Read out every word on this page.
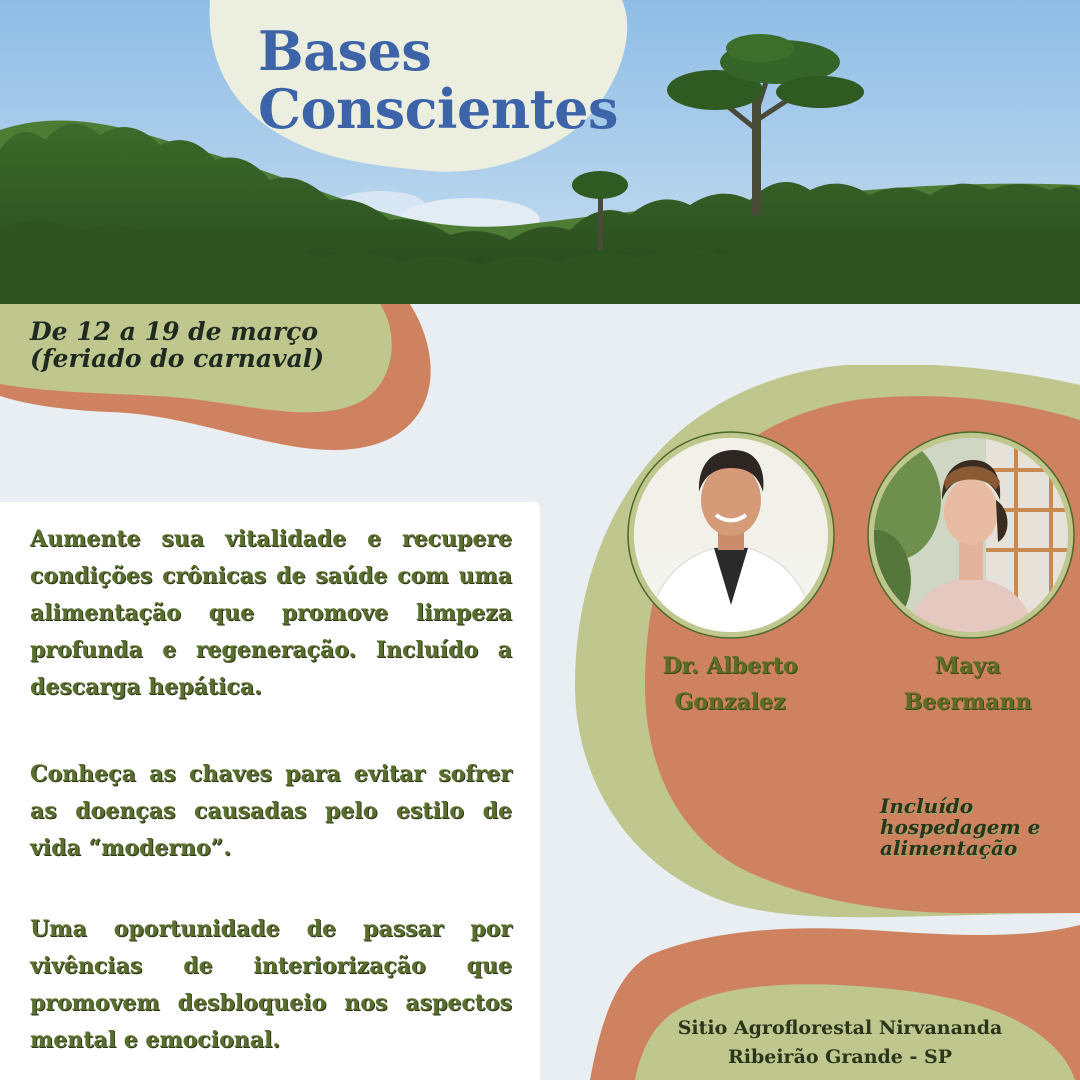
Bases
Conscientes
De 12 a 19 de março
(feriado do carnaval)

Aumente sua vitalidade e recupere condições crônicas de saúde com uma alimentação que promove limpeza profunda e regeneração. Incluído a descarga hepática.

Conheça as chaves para evitar sofrer as doenças causadas pelo estilo de vida “moderno”.

Uma oportunidade de passar por vivências de interiorização que promovem desbloqueio nos aspectos mental e emocional.

Dr. Alberto
Gonzalez
Maya
Beermann
Incluído
hospedagem e
alimentação
Sitio Agroflorestal Nirvananda
Ribeirão Grande - SP
